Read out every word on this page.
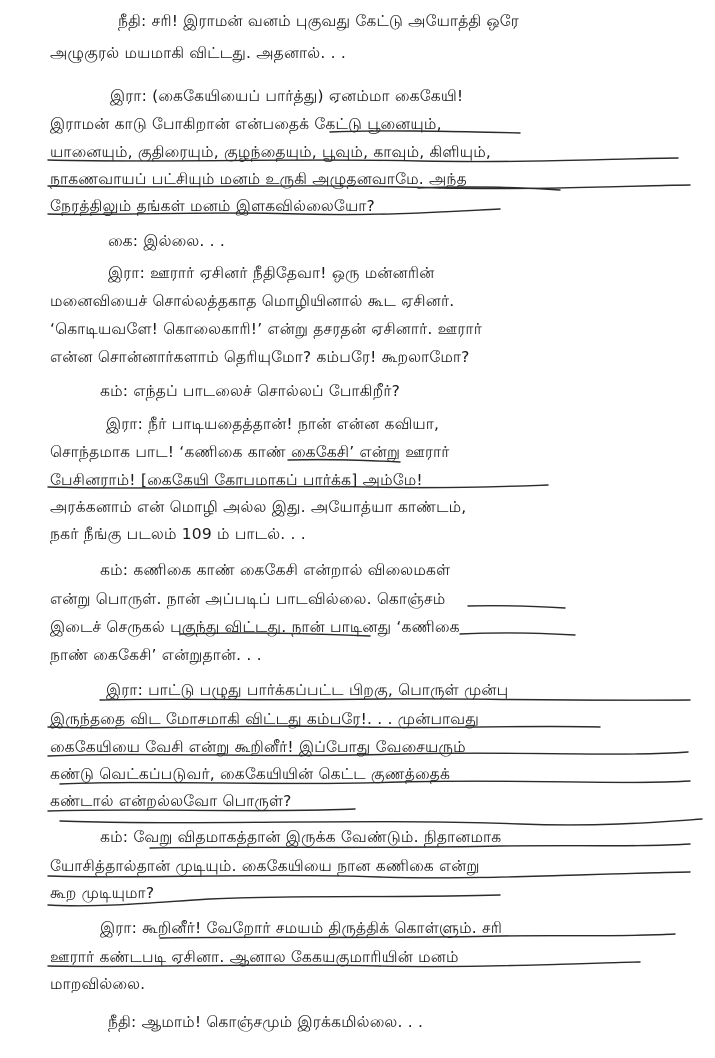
நீதி: சரி! இராமன் வனம் புகுவது கேட்டு அயோத்தி ஒரே
அழுகுரல் மயமாகி விட்டது. அதனால். . .
இரா: (கைகேயியைப் பார்த்து) ஏனம்மா கைகேயி!
இராமன் காடு போகிறான் என்பதைக் கேட்டு பூனையும்,
யானையும், குதிரையும், குழந்தையும், பூவும், காவும், கிளியும்,
நாகணவாயப் பட்சியும் மனம் உருகி அழுதனவாமே. அந்த
நேரத்திலும் தங்கள் மனம் இளகவில்லையோ?
கை: இல்லை. . .
இரா: ஊரார் ஏசினர் நீதிதேவா! ஒரு மன்னரின்
மனைவியைச் சொல்லத்தகாத மொழியினால் கூட ஏசினர்.
‘கொடியவளே! கொலைகாரி!’ என்று தசரதன் ஏசினார். ஊரார்
என்ன சொன்னார்களாம் தெரியுமோ? கம்பரே! கூறலாமோ?
கம்: எந்தப் பாடலைச் சொல்லப் போகிறீர்?
இரா: நீர் பாடியதைத்தான்! நான் என்ன கவியா,
சொந்தமாக பாட! ‘கணிகை காண் கைகேசி’ என்று ஊரார்
பேசினராம்! [கைகேயி கோபமாகப் பார்க்க] அம்மே!
அரக்கனாம் என் மொழி அல்ல இது. அயோத்யா காண்டம்,
நகர் நீங்கு படலம் 109 ம் பாடல். . .
கம்: கணிகை காண் கைகேசி என்றால் விலைமகள்
என்று பொருள். நான் அப்படிப் பாடவில்லை. கொஞ்சம்
இடைச் செருகல் புகுந்து விட்டது. நான் பாடினது ‘கணிகை
நாண் கைகேசி’ என்றுதான். . .
இரா: பாட்டு பழுது பார்க்கப்பட்ட பிறகு, பொருள் முன்பு
இருந்ததை விட மோசமாகி விட்டது கம்பரே!. . . முன்பாவது
கைகேயியை வேசி என்று கூறினீர்! இப்போது வேசையரும்
கண்டு வெட்கப்படுவர், கைகேயியின் கெட்ட குணத்தைக்
கண்டால் என்றல்லவோ பொருள்?
கம்: வேறு விதமாகத்தான் இருக்க வேண்டும். நிதானமாக
யோசித்தால்தான் முடியும். கைகேயியை நான கணிகை என்று
கூற முடியுமா?
இரா: கூறினீர்! வேறோர் சமயம் திருத்திக் கொள்ளும். சரி
ஊரார் கண்டபடி ஏசினா. ஆனால கேகயகுமாரியின் மனம்
மாறவில்லை.
நீதி: ஆமாம்! கொஞ்சமும் இரக்கமில்லை. . .
